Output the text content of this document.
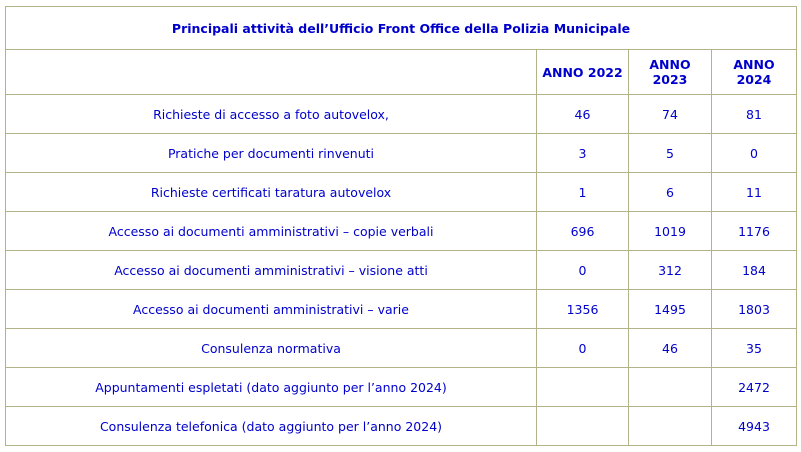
Principali attività dell’Ufficio Front Office della Polizia Municipale			
	ANNO 2022	ANNO 2023	ANNO 2024
Richieste di accesso a foto autovelox,	46	74	81
Pratiche per documenti rinvenuti	3	5	0
Richieste certificati taratura autovelox	1	6	11
Accesso ai documenti amministrativi – copie verbali	696	1019	1176
Accesso ai documenti amministrativi – visione atti	0	312	184
Accesso ai documenti amministrativi – varie	1356	1495	1803
Consulenza normativa	0	46	35
Appuntamenti espletati (dato aggiunto per l’anno 2024)			2472
Consulenza telefonica (dato aggiunto per l’anno 2024)			4943
